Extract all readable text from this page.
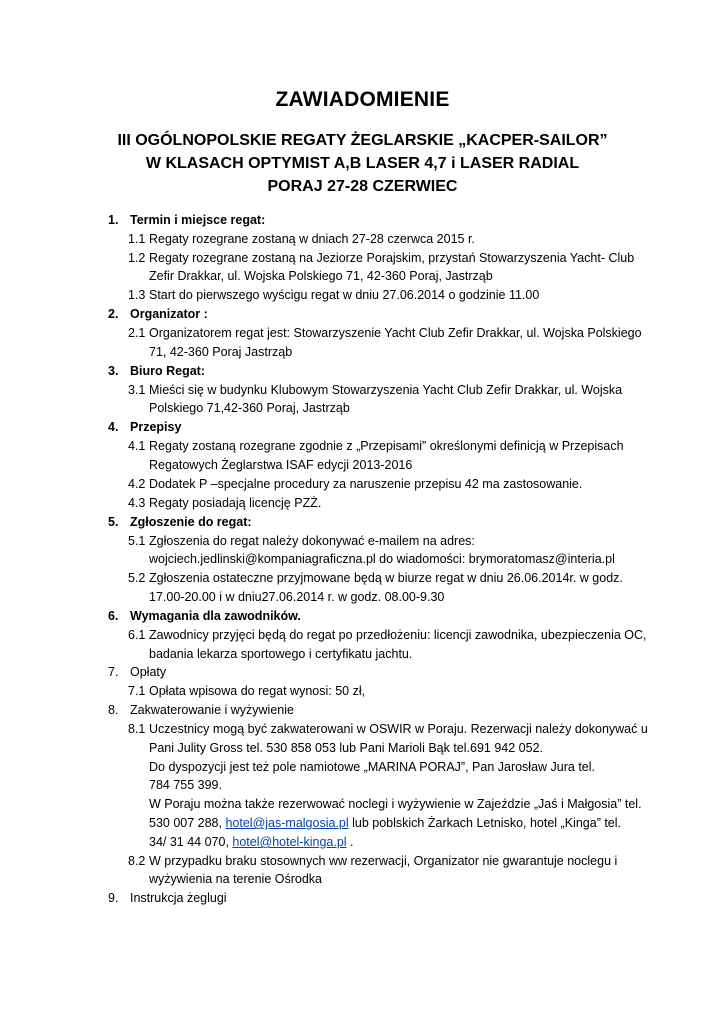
ZAWIADOMIENIE
III OGÓLNOPOLSKIE REGATY ŻEGLARSKIE „KACPER-SAILOR”
W KLASACH OPTYMIST A,B LASER 4,7 i LASER RADIAL
PORAJ 27-28 CZERWIEC
1. Termin i miejsce regat:
1.1 Regaty rozegrane zostaną w dniach 27-28 czerwca 2015 r.
1.2 Regaty rozegrane zostaną na Jeziorze Porajskim, przystań Stowarzyszenia Yacht- Club
Zefir Drakkar, ul. Wojska Polskiego 71, 42-360 Poraj, Jastrząb
1.3 Start do pierwszego wyścigu regat w dniu 27.06.2014 o godzinie 11.00
2. Organizator :
2.1 Organizatorem regat jest: Stowarzyszenie Yacht Club Zefir Drakkar, ul. Wojska Polskiego
71, 42-360 Poraj Jastrząb
3. Biuro Regat:
3.1 Mieści się w budynku Klubowym Stowarzyszenia Yacht Club Zefir Drakkar, ul. Wojska
Polskiego 71,42-360 Poraj, Jastrząb
4. Przepisy
4.1 Regaty zostaną rozegrane zgodnie z „Przepisami” określonymi definicją w Przepisach
Regatowych Żeglarstwa ISAF edycji 2013-2016
4.2 Dodatek P –specjalne procedury za naruszenie przepisu 42 ma zastosowanie.
4.3 Regaty posiadają licencję PZŻ.
5. Zgłoszenie do regat:
5.1 Zgłoszenia do regat należy dokonywać e-mailem na adres:
wojciech.jedlinski@kompaniagraficzna.pl do wiadomości: brymoratomasz@interia.pl
5.2 Zgłoszenia ostateczne przyjmowane będą w biurze regat w dniu 26.06.2014r. w godz.
17.00-20.00 i w dniu27.06.2014 r. w godz. 08.00-9.30
6. Wymagania dla zawodników.
6.1 Zawodnicy przyjęci będą do regat po przedłożeniu: licencji zawodnika, ubezpieczenia OC,
badania lekarza sportowego i certyfikatu jachtu.
7. Opłaty
7.1 Opłata wpisowa do regat wynosi: 50 zł,
8. Zakwaterowanie i wyżywienie
8.1 Uczestnicy mogą być zakwaterowani w OSWIR w Poraju. Rezerwacji należy dokonywać u
Pani Julity Gross tel. 530 858 053 lub Pani Marioli Bąk tel.691 942 052.
Do dyspozycji jest też pole namiotowe „MARINA PORAJ”, Pan Jarosław Jura tel.
784 755 399.
W Poraju można także rezerwować noclegi i wyżywienie w Zajeździe „Jaś i Małgosia” tel.
530 007 288, hotel@jas-malgosia.pl lub poblskich Żarkach Letnisko, hotel „Kinga” tel.
34/ 31 44 070, hotel@hotel-kinga.pl .
8.2 W przypadku braku stosownych ww rezerwacji, Organizator nie gwarantuje noclegu i
wyżywienia na terenie Ośrodka
9. Instrukcja żeglugi
